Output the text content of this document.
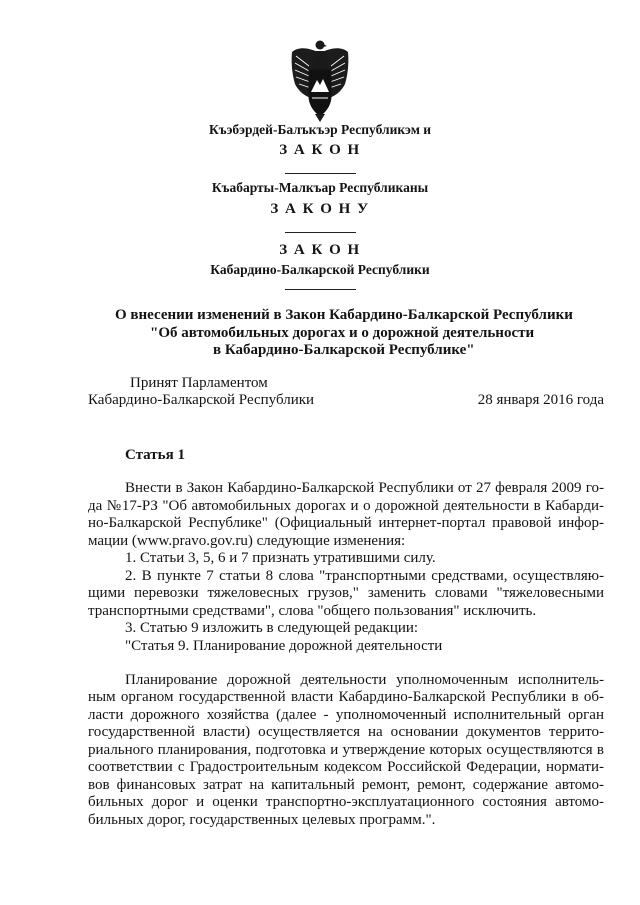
Къэбэрдей-Балъкъэр Республикэм и
З А К О Н
Къабарты-Малкъар Республиканы
З А К О Н У
З А К О Н
Кабардино-Балкарской Республики
О внесении изменений в Закон Кабардино-Балкарской Республики
"Об автомобильных дорогах и о дорожной деятельности
в Кабардино-Балкарской Республике"
Принят Парламентом
Кабардино-Балкарской Республики	28 января 2016 года
Статья 1
Внести в Закон Кабардино-Балкарской Республики от 27 февраля 2009 го-
да №17-РЗ "Об автомобильных дорогах и о дорожной деятельности в Кабарди-
но-Балкарской Республике" (Официальный интернет-портал правовой инфор-
мации (www.pravo.gov.ru) следующие изменения:
1. Статьи 3, 5, 6 и 7 признать утратившими силу.
2. В пункте 7 статьи 8 слова "транспортными средствами, осуществляю-
щими перевозки тяжеловесных грузов," заменить словами "тяжеловесными
транспортными средствами", слова "общего пользования" исключить.
3. Статью 9 изложить в следующей редакции:
"Статья 9. Планирование дорожной деятельности
Планирование дорожной деятельности уполномоченным исполнитель-
ным органом государственной власти Кабардино-Балкарской Республики в об-
ласти дорожного хозяйства (далее - уполномоченный исполнительный орган
государственной власти) осуществляется на основании документов террито-
риального планирования, подготовка и утверждение которых осуществляются в
соответствии с Градостроительным кодексом Российской Федерации, нормати-
вов финансовых затрат на капитальный ремонт, ремонт, содержание автомо-
бильных дорог и оценки транспортно-эксплуатационного состояния автомо-
бильных дорог, государственных целевых программ.".
